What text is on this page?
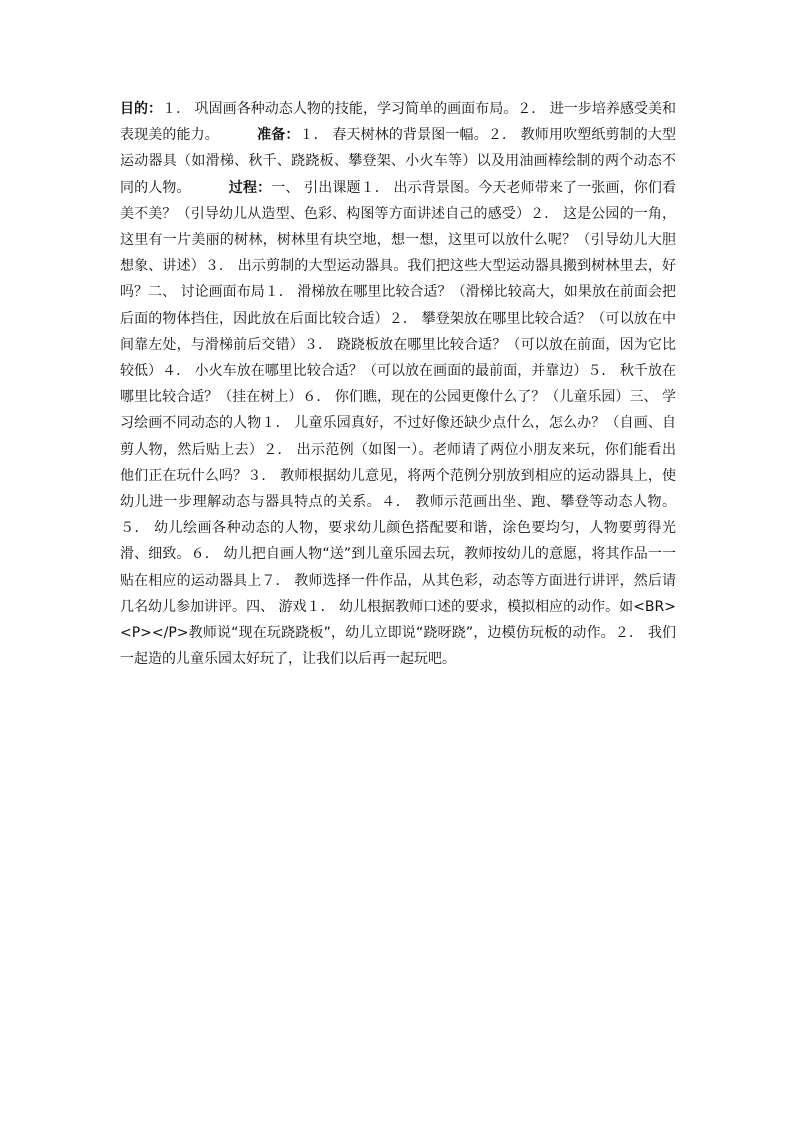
目的：１． 巩固画各种动态人物的技能，学习简单的画面布局。２． 进一步培养感受美和表现美的能力。	准备：１． 春天树林的背景图一幅。２． 教师用吹塑纸剪制的大型运动器具（如滑梯、秋千、跷跷板、攀登架、小火车等）以及用油画棒绘制的两个动态不同的人物。	过程：一、 引出课题１． 出示背景图。今天老师带来了一张画，你们看美不美？（引导幼儿从造型、色彩、构图等方面讲述自己的感受）２． 这是公园的一角，这里有一片美丽的树林，树林里有块空地，想一想，这里可以放什么呢？（引导幼儿大胆想象、讲述）３． 出示剪制的大型运动器具。我们把这些大型运动器具搬到树林里去，好吗？二、 讨论画面布局１． 滑梯放在哪里比较合适？（滑梯比较高大，如果放在前面会把后面的物体挡住，因此放在后面比较合适）２． 攀登架放在哪里比较合适？（可以放在中间靠左处，与滑梯前后交错）３． 跷跷板放在哪里比较合适？（可以放在前面，因为它比较低）４． 小火车放在哪里比较合适？（可以放在画面的最前面，并靠边）５． 秋千放在哪里比较合适？（挂在树上）６． 你们瞧，现在的公园更像什么了？（儿童乐园）三、 学习绘画不同动态的人物１． 儿童乐园真好，不过好像还缺少点什么，怎么办？（自画、自剪人物，然后贴上去）２． 出示范例（如图一）。老师请了两位小朋友来玩，你们能看出他们正在玩什么吗？３． 教师根据幼儿意见，将两个范例分别放到相应的运动器具上，使幼儿进一步理解动态与器具特点的关系。４． 教师示范画出坐、跑、攀登等动态人物。５． 幼儿绘画各种动态的人物，要求幼儿颜色搭配要和谐，涂色要均匀，人物要剪得光滑、细致。６． 幼儿把自画人物“送”到儿童乐园去玩，教师按幼儿的意愿，将其作品一一贴在相应的运动器具上７． 教师选择一件作品，从其色彩，动态等方面进行讲评，然后请几名幼儿参加讲评。四、 游戏１． 幼儿根据教师口述的要求，模拟相应的动作。如<BR><P></P>教师说“现在玩跷跷板”，幼儿立即说“跷呀跷”，边模仿玩板的动作。２． 我们一起造的儿童乐园太好玩了，让我们以后再一起玩吧。
